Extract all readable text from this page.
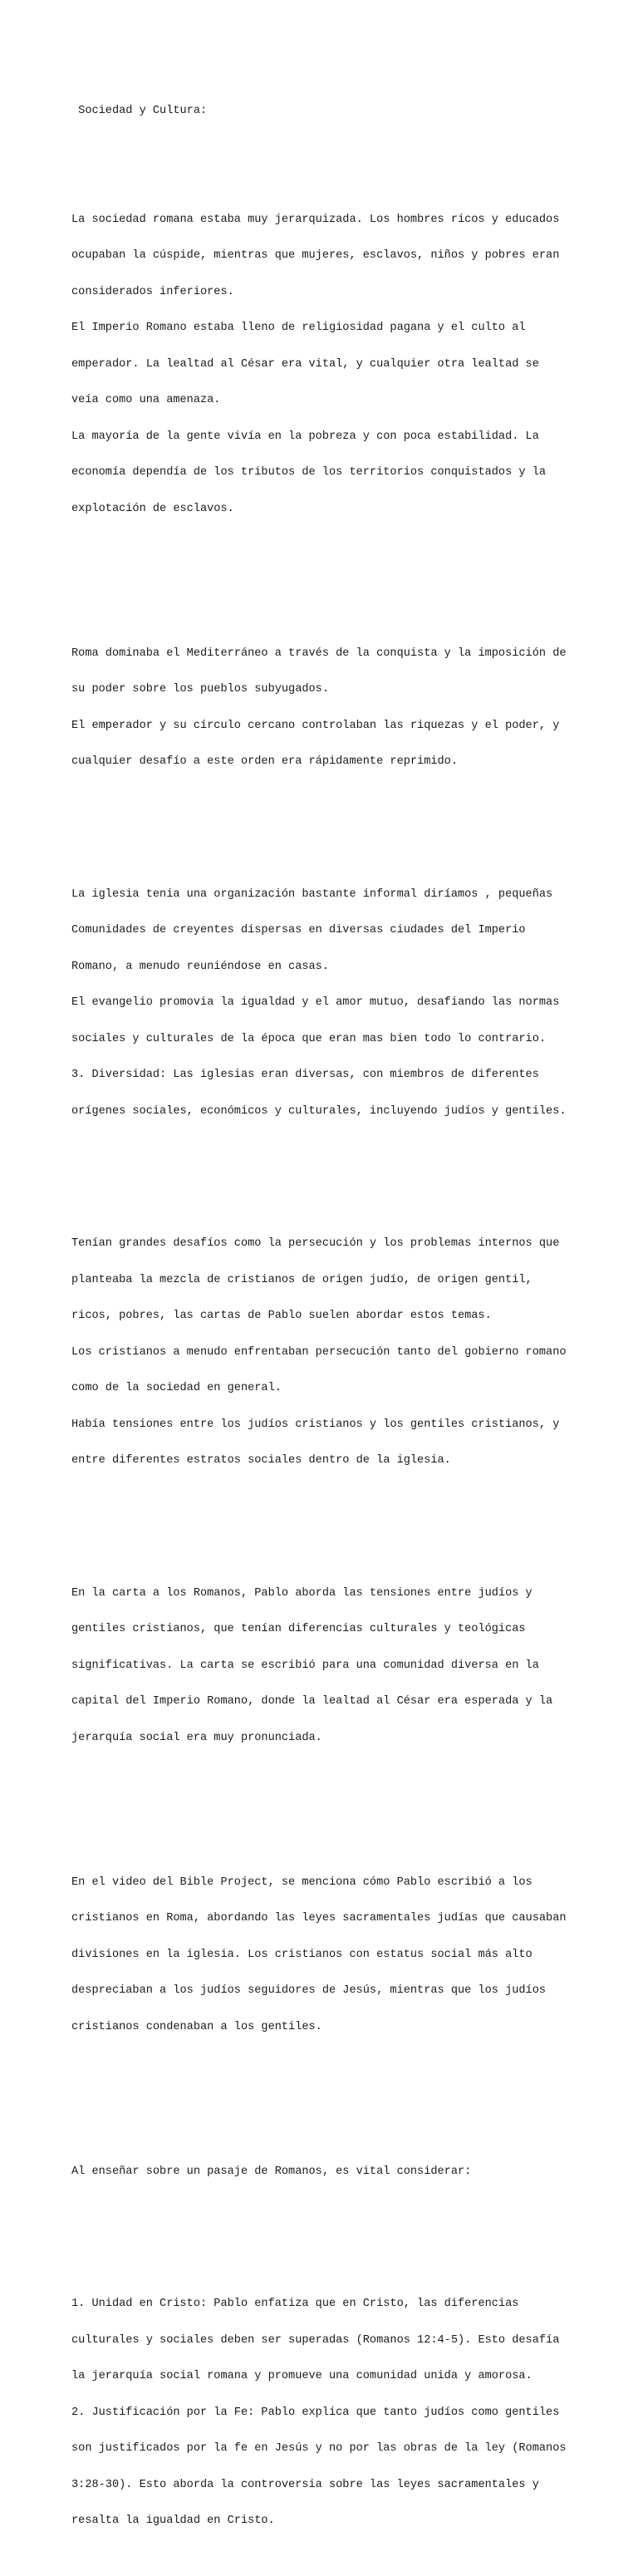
Sociedad y Cultura:

La sociedad romana estaba muy jerarquizada. Los hombres ricos y educados

ocupaban la cúspide, mientras que mujeres, esclavos, niños y pobres eran

considerados inferiores.

El Imperio Romano estaba lleno de religiosidad pagana y el culto al

emperador. La lealtad al César era vital, y cualquier otra lealtad se

veía como una amenaza.

La mayoría de la gente vivía en la pobreza y con poca estabilidad. La

economía dependía de los tributos de los territorios conquistados y la

explotación de esclavos.

Roma dominaba el Mediterráneo a través de la conquista y la imposición de

su poder sobre los pueblos subyugados.

El emperador y su círculo cercano controlaban las riquezas y el poder, y

cualquier desafío a este orden era rápidamente reprimido.

La iglesia tenia una organización bastante informal diríamos , pequeñas

Comunidades de creyentes dispersas en diversas ciudades del Imperio

Romano, a menudo reuniéndose en casas.

El evangelio promovia la igualdad y el amor mutuo, desafiando las normas

sociales y culturales de la época que eran mas bien todo lo contrario.

3. Diversidad: Las iglesias eran diversas, con miembros de diferentes

orígenes sociales, económicos y culturales, incluyendo judíos y gentiles.

Tenían grandes desafíos como la persecución y los problemas internos que

planteaba la mezcla de cristianos de origen judío, de origen gentil,

ricos, pobres, las cartas de Pablo suelen abordar estos temas.

Los cristianos a menudo enfrentaban persecución tanto del gobierno romano

como de la sociedad en general.

Había tensiones entre los judíos cristianos y los gentiles cristianos, y

entre diferentes estratos sociales dentro de la iglesia.

En la carta a los Romanos, Pablo aborda las tensiones entre judíos y

gentiles cristianos, que tenían diferencias culturales y teológicas

significativas. La carta se escribió para una comunidad diversa en la

capital del Imperio Romano, donde la lealtad al César era esperada y la

jerarquía social era muy pronunciada.

En el video del Bible Project, se menciona cómo Pablo escribió a los

cristianos en Roma, abordando las leyes sacramentales judías que causaban

divisiones en la iglesia. Los cristianos con estatus social más alto

despreciaban a los judíos seguidores de Jesús, mientras que los judíos

cristianos condenaban a los gentiles.

Al enseñar sobre un pasaje de Romanos, es vital considerar:

1. Unidad en Cristo: Pablo enfatiza que en Cristo, las diferencias

culturales y sociales deben ser superadas (Romanos 12:4-5). Esto desafía

la jerarquía social romana y promueve una comunidad unida y amorosa.

2. Justificación por la Fe: Pablo explica que tanto judíos como gentiles

son justificados por la fe en Jesús y no por las obras de la ley (Romanos

3:28-30). Esto aborda la controversia sobre las leyes sacramentales y

resalta la igualdad en Cristo.
